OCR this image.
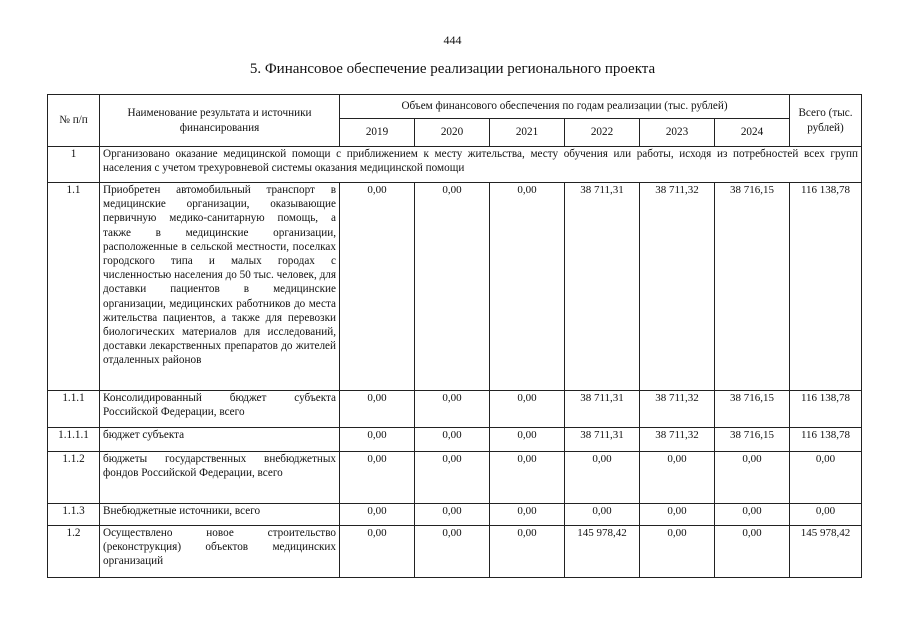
444
5. Финансовое обеспечение реализации регионального проекта
№ п/п	Наименование результата и источники финансирования	Объем финансового обеспечения по годам реализации (тыс. рублей)						Всего (тыс. рублей)
		2019	2020	2021	2022	2023	2024	
1	Организовано оказание медицинской помощи с приближением к месту жительства, месту обучения или работы, исходя из потребностей всех групп населения с учетом трехуровневой системы оказания медицинской помощи							
1.1	Приобретен автомобильный транспорт в медицинские организации, оказывающие первичную медико-санитарную помощь, а также в медицинские организации, расположенные в сельской местности, поселках городского типа и малых городах с численностью населения до 50 тыс. человек, для доставки пациентов в медицинские организации, медицинских работников до места жительства пациентов, а также для перевозки биологических материалов для исследований, доставки лекарственных препаратов до жителей отдаленных районов	0,00	0,00	0,00	38 711,31	38 711,32	38 716,15	116 138,78
1.1.1	Консолидированный бюджет субъекта Российской Федерации, всего	0,00	0,00	0,00	38 711,31	38 711,32	38 716,15	116 138,78
1.1.1.1	бюджет субъекта	0,00	0,00	0,00	38 711,31	38 711,32	38 716,15	116 138,78
1.1.2	бюджеты государственных внебюджетных фондов Российской Федерации, всего	0,00	0,00	0,00	0,00	0,00	0,00	0,00
1.1.3	Внебюджетные источники, всего	0,00	0,00	0,00	0,00	0,00	0,00	0,00
1.2	Осуществлено новое строительство (реконструкция) объектов медицинских организаций	0,00	0,00	0,00	145 978,42	0,00	0,00	145 978,42
